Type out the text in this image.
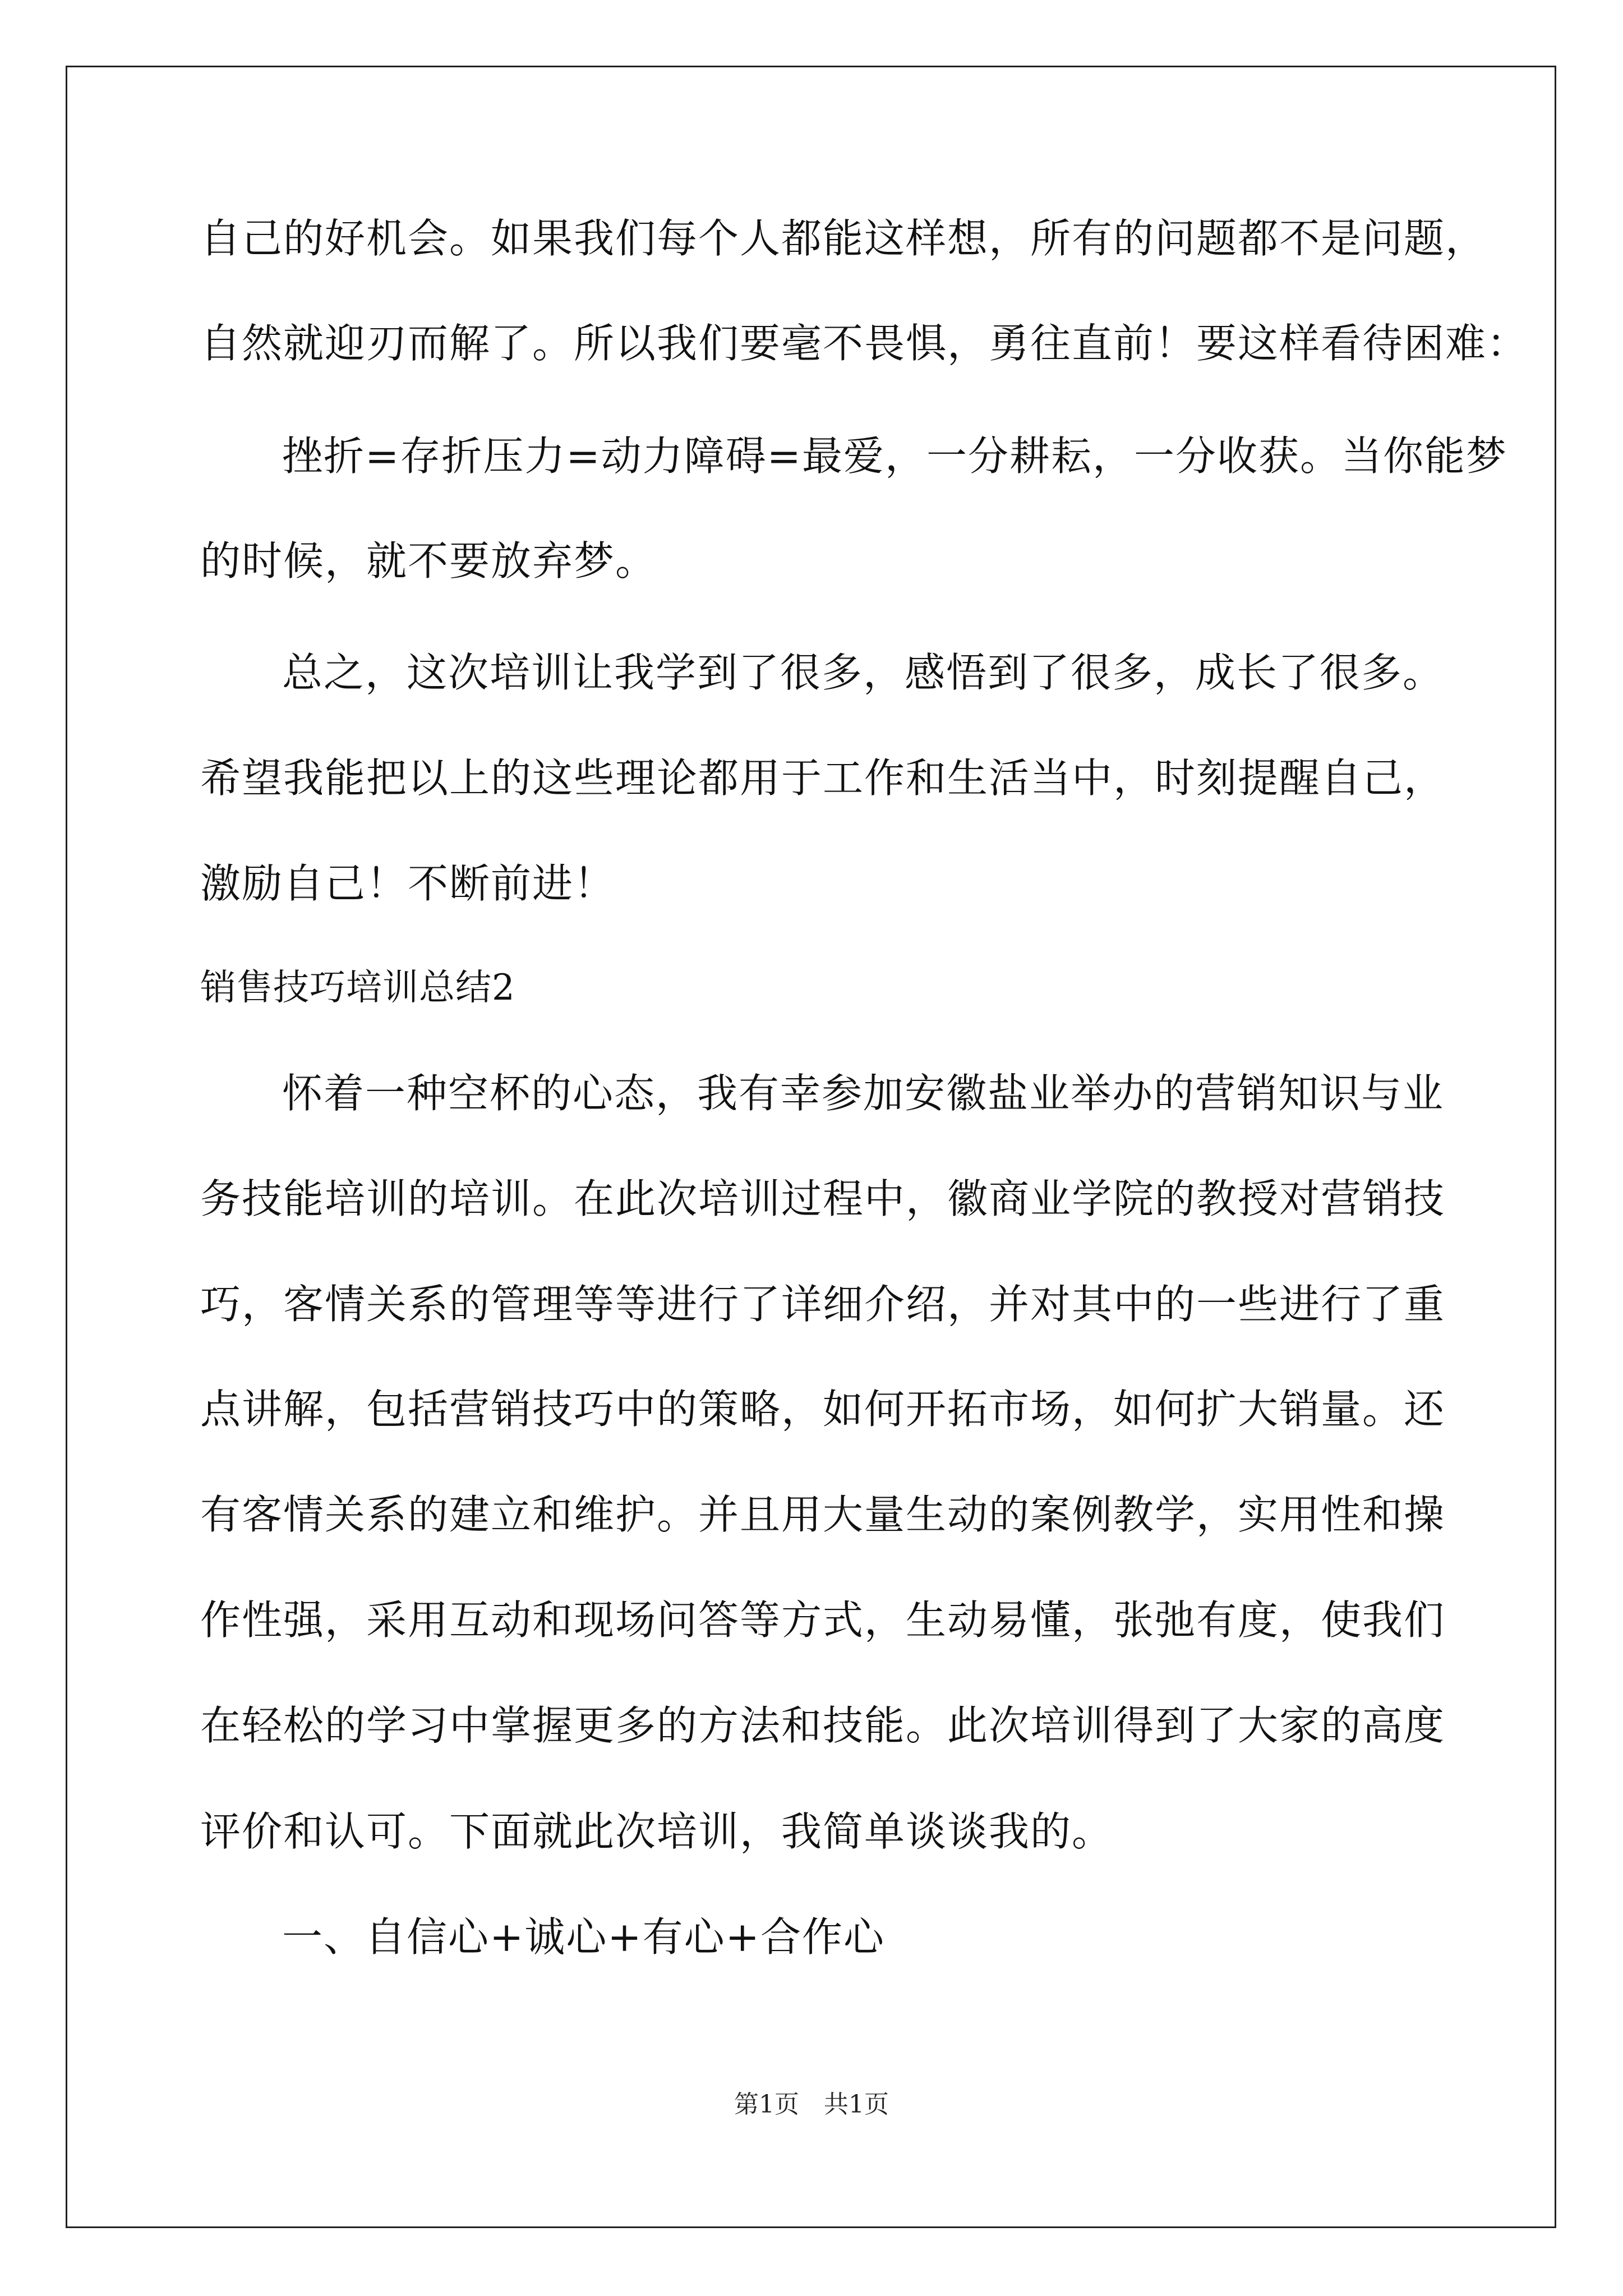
自己的好机会。如果我们每个人都能这样想，所有的问题都不是问题，
自然就迎刃而解了。所以我们要毫不畏惧，勇往直前！要这样看待困难：
挫折=存折压力=动力障碍=最爱，一分耕耘，一分收获。当你能梦
的时候，就不要放弃梦。
总之，这次培训让我学到了很多，感悟到了很多，成长了很多。
希望我能把以上的这些理论都用于工作和生活当中，时刻提醒自己，
激励自己！不断前进！
销售技巧培训总结2
怀着一种空杯的心态，我有幸参加安徽盐业举办的营销知识与业
务技能培训的培训。在此次培训过程中，徽商业学院的教授对营销技
巧，客情关系的管理等等进行了详细介绍，并对其中的一些进行了重
点讲解，包括营销技巧中的策略，如何开拓市场，如何扩大销量。还
有客情关系的建立和维护。并且用大量生动的案例教学，实用性和操
作性强，采用互动和现场问答等方式，生动易懂，张弛有度，使我们
在轻松的学习中掌握更多的方法和技能。此次培训得到了大家的高度
评价和认可。下面就此次培训，我简单谈谈我的。
一、自信心+诚心+有心+合作心
第1页　共1页
